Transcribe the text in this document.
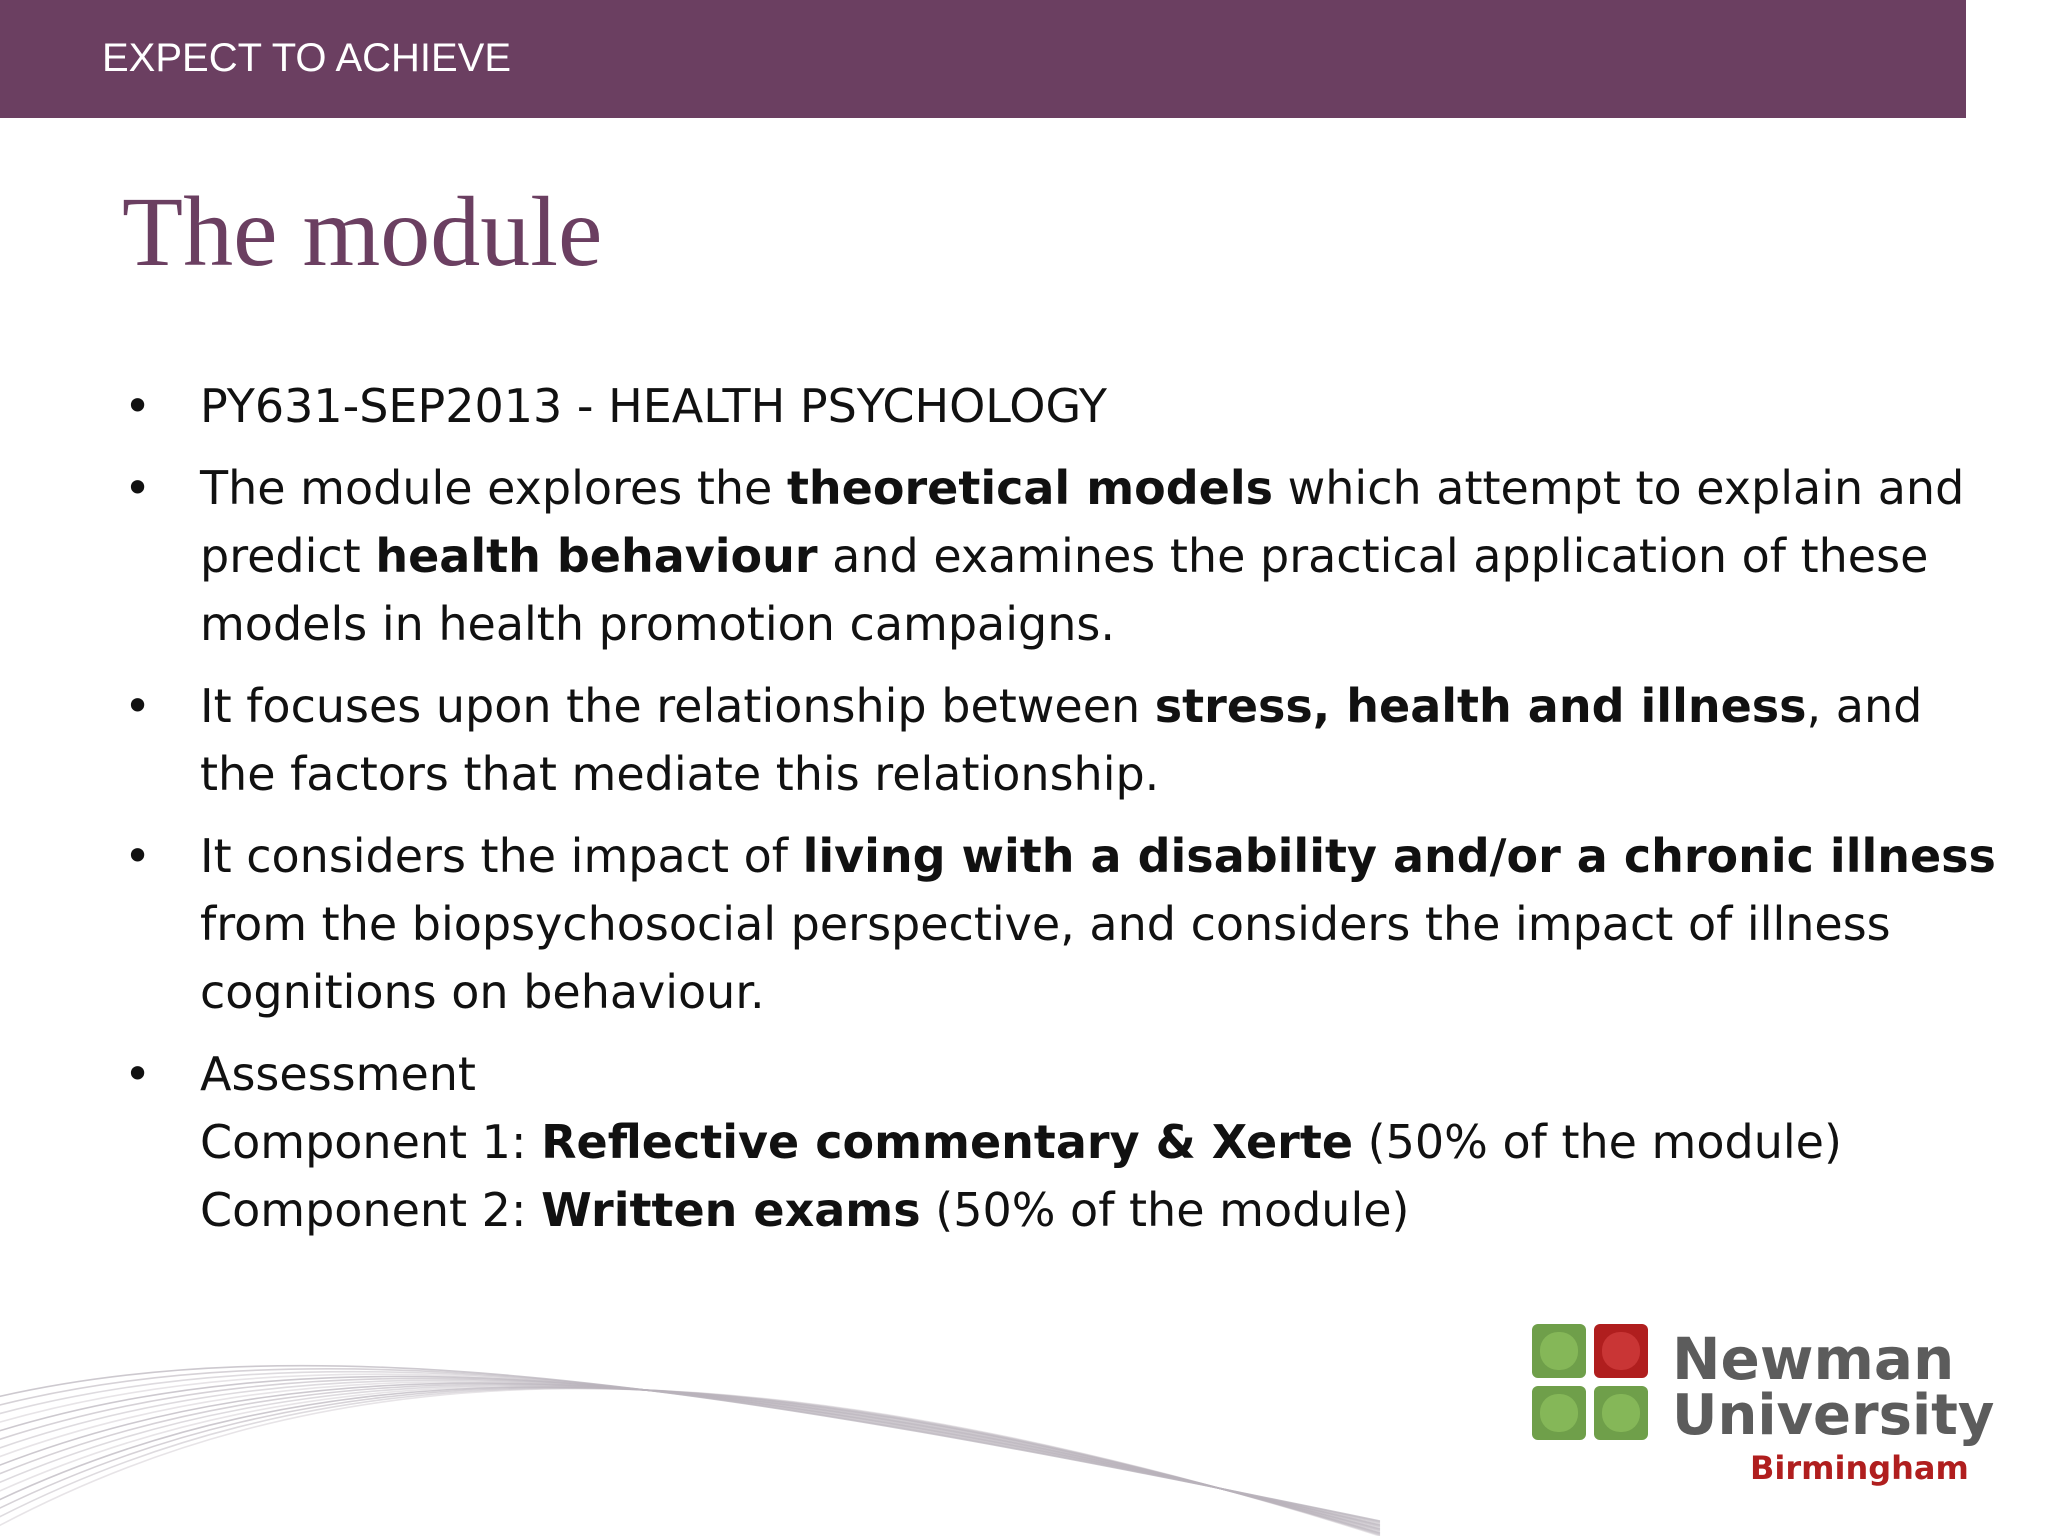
EXPECT TO ACHIEVE
The module
• PY631-SEP2013 - HEALTH PSYCHOLOGY
• The module explores the theoretical models which attempt to explain and
predict health behaviour and examines the practical application of these
models in health promotion campaigns.
• It focuses upon the relationship between stress, health and illness, and
the factors that mediate this relationship.
• It considers the impact of living with a disability and/or a chronic illness
from the biopsychosocial perspective, and considers the impact of illness
cognitions on behaviour.
• Assessment
Component 1: Reflective commentary & Xerte (50% of the module)
Component 2: Written exams (50% of the module)
Newman
University
Birmingham
